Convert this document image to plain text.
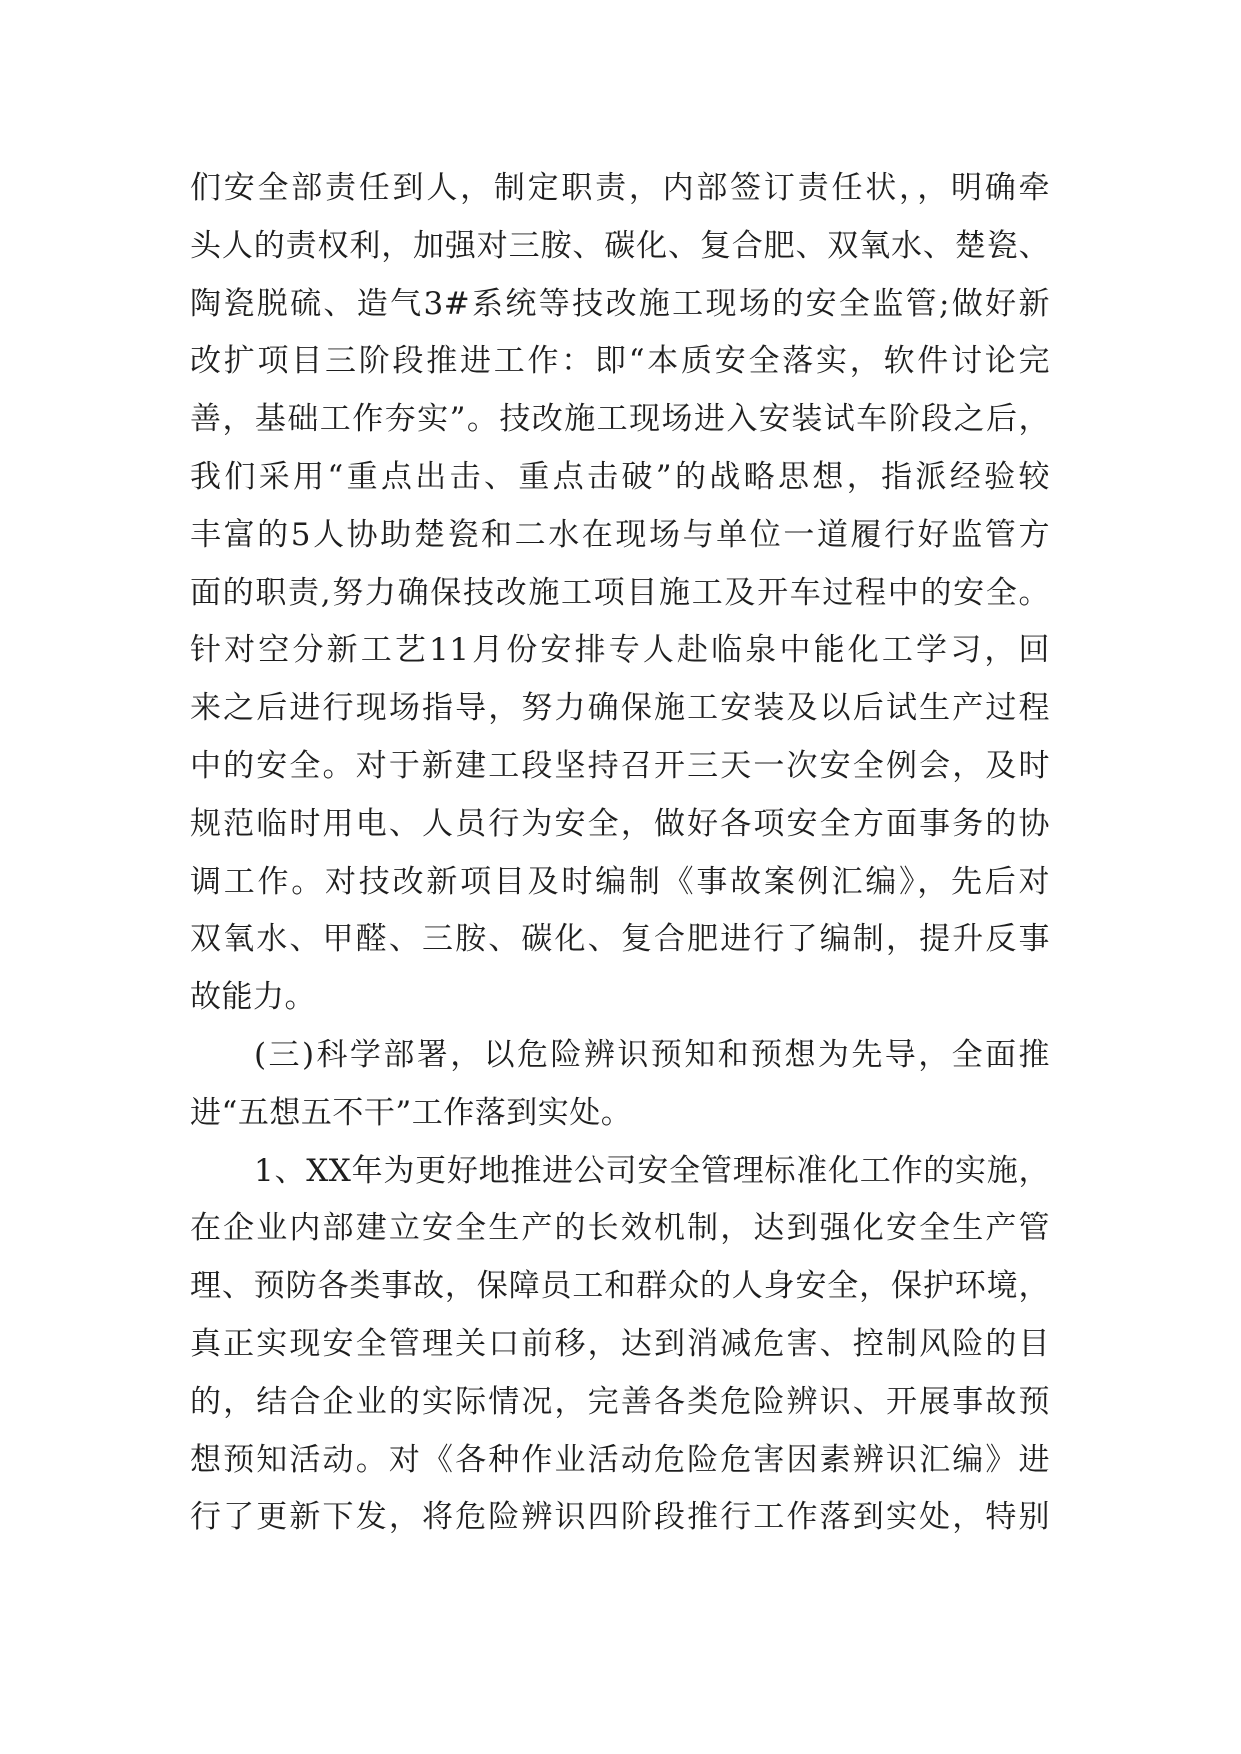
们安全部责任到人，制定职责，内部签订责任状，，明确牵
头人的责权利，加强对三胺、碳化、复合肥、双氧水、楚瓷、
陶瓷脱硫、造气3#系统等技改施工现场的安全监管;做好新
改扩项目三阶段推进工作：即“本质安全落实，软件讨论完
善，基础工作夯实”。技改施工现场进入安装试车阶段之后，
我们采用“重点出击、重点击破”的战略思想，指派经验较
丰富的5人协助楚瓷和二水在现场与单位一道履行好监管方
面的职责,努力确保技改施工项目施工及开车过程中的安全。
针对空分新工艺11月份安排专人赴临泉中能化工学习，回
来之后进行现场指导，努力确保施工安装及以后试生产过程
中的安全。对于新建工段坚持召开三天一次安全例会，及时
规范临时用电、人员行为安全，做好各项安全方面事务的协
调工作。对技改新项目及时编制《事故案例汇编》，先后对
双氧水、甲醛、三胺、碳化、复合肥进行了编制，提升反事
故能力。
(三)科学部署，以危险辨识预知和预想为先导，全面推
进“五想五不干”工作落到实处。
1、XX年为更好地推进公司安全管理标准化工作的实施，
在企业内部建立安全生产的长效机制，达到强化安全生产管
理、预防各类事故，保障员工和群众的人身安全，保护环境，
真正实现安全管理关口前移，达到消减危害、控制风险的目
的，结合企业的实际情况，完善各类危险辨识、开展事故预
想预知活动。对《各种作业活动危险危害因素辨识汇编》进
行了更新下发，将危险辨识四阶段推行工作落到实处，特别
